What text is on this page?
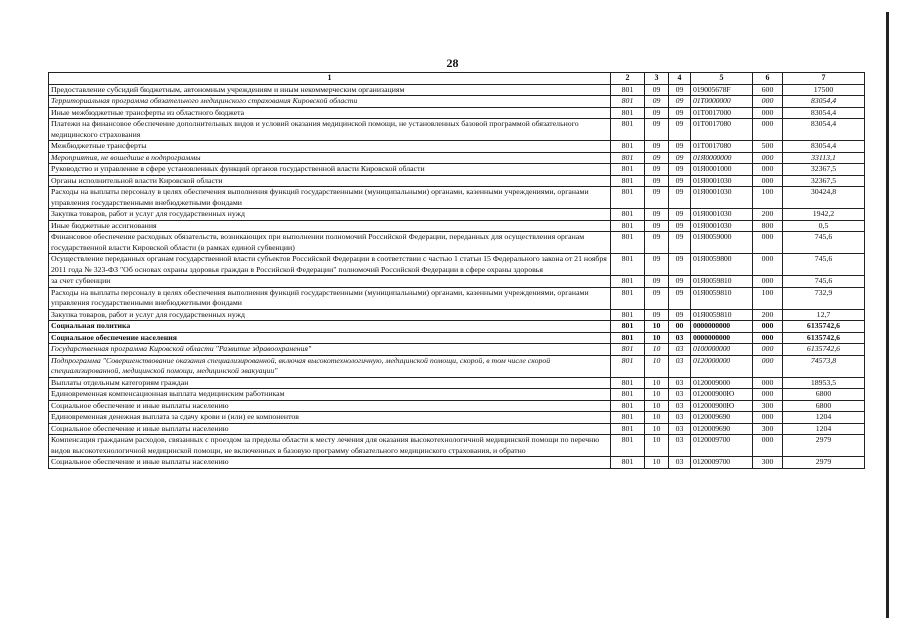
28
1	2	3	4	5	6	7
Предоставление субсидий бюджетным, автономным учреждениям и иным некоммерческим организациям	801	09	09	019005678F	600	17500
Территориальная программа обязательного медицинского страхования Кировской области	801	09	09	01T0000000	000	83054,4
Иные межбюджетные трансферты из областного бюджета	801	09	09	01T0017000	000	83054,4
Платежи на финансовое обеспечение дополнительных видов и условий оказания медицинской помощи, не установленных базовой программой обязательного медицинского страхования	801	09	09	01T0017080	000	83054,4
Межбюджетные трансферты	801	09	09	01T0017080	500	83054,4
Мероприятия, не вошедшие в подпрограммы	801	09	09	01Я0000000	000	33113,1
Руководство и управление в сфере установленных функций органов государственной власти Кировской области	801	09	09	01Я0001000	000	32367,5
Органы исполнительной власти Кировской области	801	09	09	01Я0001030	000	32367,5
Расходы на выплаты персоналу в целях обеспечения выполнения функций государственными (муниципальными) органами, казенными учреждениями, органами управления государственными внебюджетными фондами	801	09	09	01Я0001030	100	30424,8
Закупка товаров, работ и услуг для государственных нужд	801	09	09	01Я0001030	200	1942,2
Иные бюджетные ассигнования	801	09	09	01Я0001030	800	0,5
Финансовое обеспечение расходных обязательств, возникающих при выполнении полномочий Российской Федерации, переданных для осуществления органам государственной власти Кировской области (в рамках единой субвенции)	801	09	09	01Я0059000	000	745,6
Осуществление переданных органам государственной власти субъектов Российской Федерации в соответствии с частью 1 статьи 15 Федерального закона от 21 ноября 2011 года № 323-ФЗ "Об основах охраны здоровья граждан в Российской Федерации" полномочий Российской Федерации в сфере охраны здоровья	801	09	09	01Я0059800	000	745,6
за счет субвенции	801	09	09	01Я0059810	000	745,6
Расходы на выплаты персоналу в целях обеспечения выполнения функций государственными (муниципальными) органами, казенными учреждениями, органами управления государственными внебюджетными фондами	801	09	09	01Я0059810	100	732,9
Закупка товаров, работ и услуг для государственных нужд	801	09	09	01Я0059810	200	12,7
Социальная политика	801	10	00	0000000000	000	6135742,6
Социальное обеспечение населения	801	10	03	0000000000	000	6135742,6
Государственная программа Кировской области "Развитие здравоохранения"	801	10	03	0100000000	000	6135742,6
Подпрограмма "Совершенствование оказания специализированной, включая высокотехнологичную, медицинской помощи, скорой, в том числе скорой специализированной, медицинской помощи, медицинской эвакуации"	801	10	03	0120000000	000	74573,8
Выплаты отдельным категориям граждан	801	10	03	0120009000	000	18953,5
Единовременная компенсационная выплата медицинским работникам	801	10	03	012000900Ю	000	6800
Социальное обеспечение и иные выплаты населению	801	10	03	012000900Ю	300	6800
Единовременная денежная выплата за сдачу крови и (или) ее компонентов	801	10	03	0120009690	000	1204
Социальное обеспечение и иные выплаты населению	801	10	03	0120009690	300	1204
Компенсация гражданам расходов, связанных с проездом за пределы области к месту лечения для оказания высокотехнологичной медицинской помощи по перечню видов высокотехнологичной медицинской помощи, не включенных в базовую программу обязательного медицинского страхования, и обратно	801	10	03	0120009700	000	2979
Социальное обеспечение и иные выплаты населению	801	10	03	0120009700	300	2979
